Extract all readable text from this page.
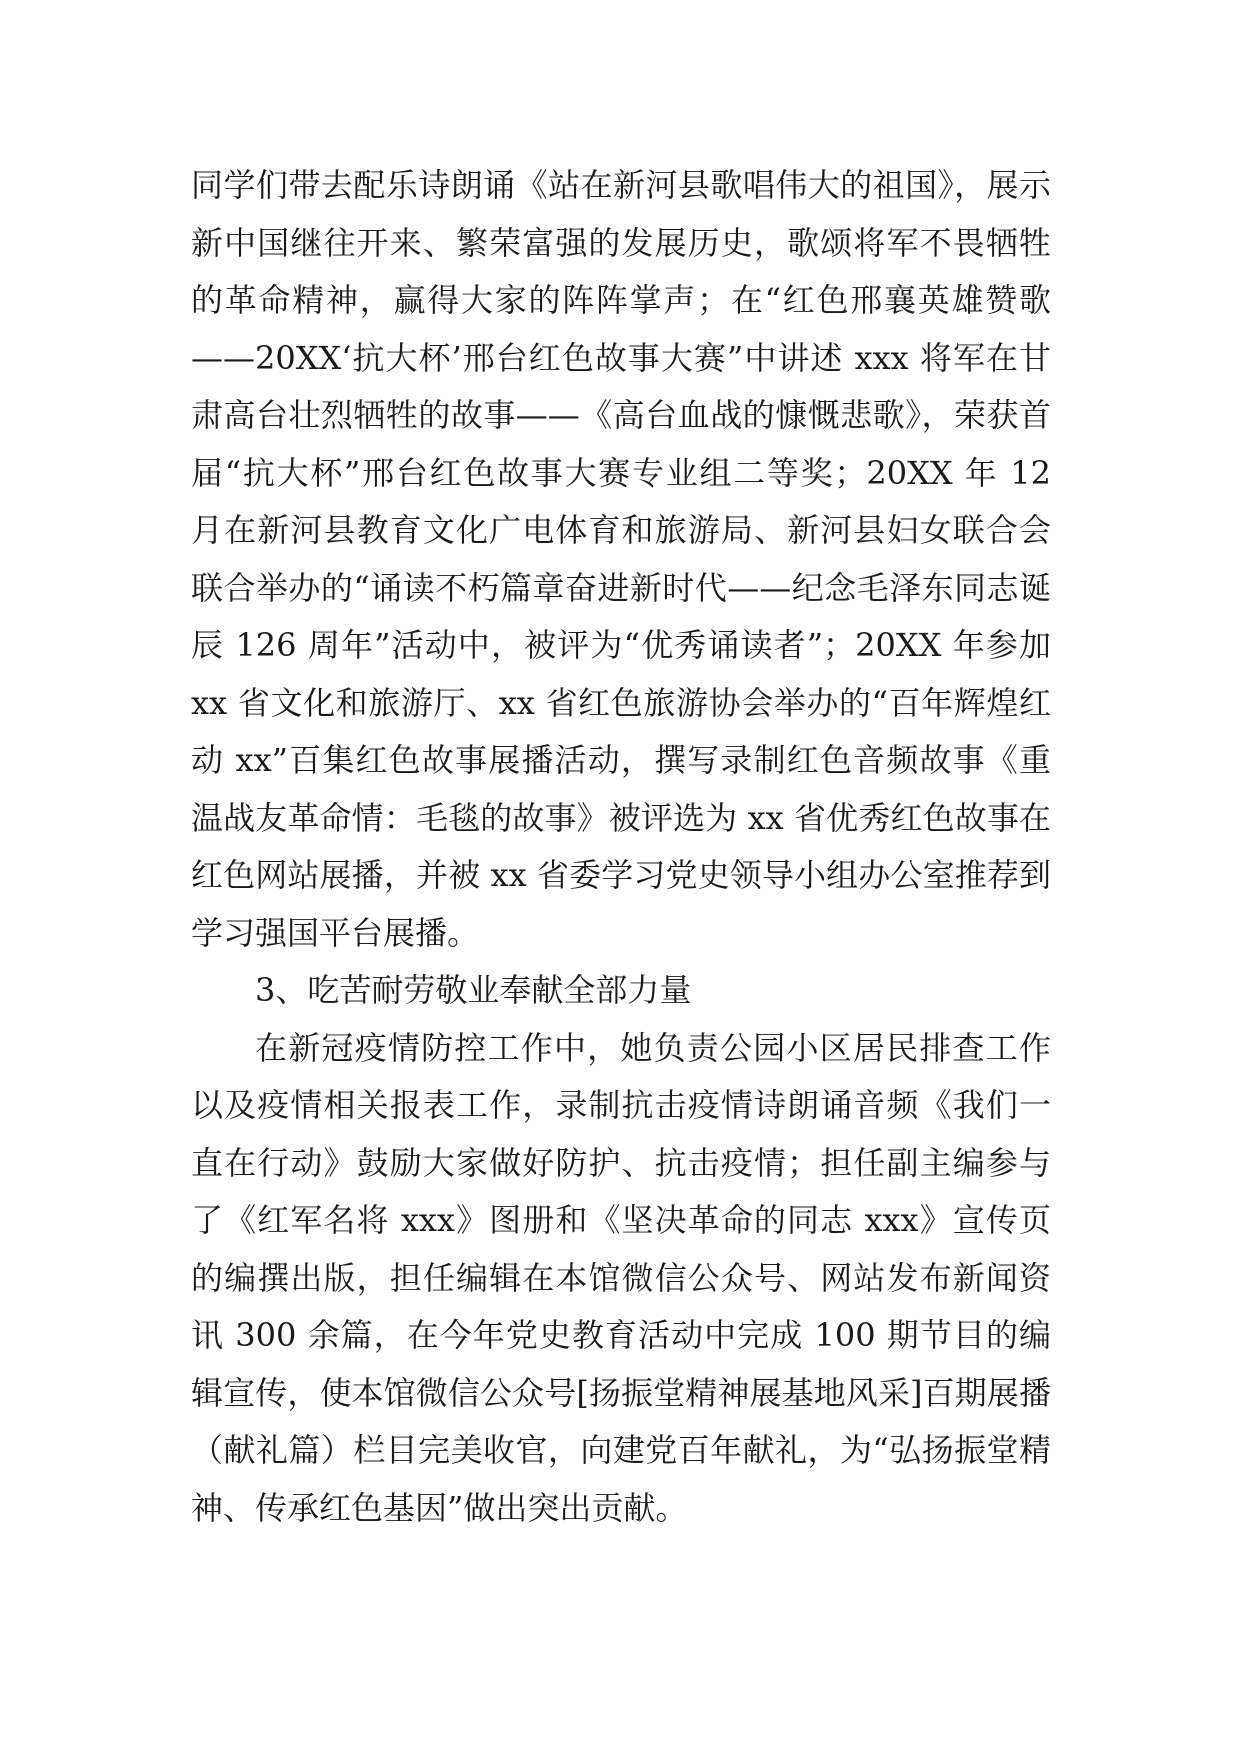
同学们带去配乐诗朗诵《站在新河县歌唱伟大的祖国》，展示新中国继往开来、繁荣富强的发展历史，歌颂将军不畏牺牲的革命精神，赢得大家的阵阵掌声；在“红色邢襄英雄赞歌——20XX‘抗大杯’邢台红色故事大赛”中讲述 xxx 将军在甘肃高台壮烈牺牲的故事——《高台血战的慷慨悲歌》，荣获首届“抗大杯”邢台红色故事大赛专业组二等奖；20XX 年 12 月在新河县教育文化广电体育和旅游局、新河县妇女联合会联合举办的“诵读不朽篇章奋进新时代——纪念毛泽东同志诞辰 126 周年”活动中，被评为“优秀诵读者”；20XX 年参加 xx 省文化和旅游厅、xx 省红色旅游协会举办的“百年辉煌红动 xx”百集红色故事展播活动，撰写录制红色音频故事《重温战友革命情：毛毯的故事》被评选为 xx 省优秀红色故事在红色网站展播，并被 xx 省委学习党史领导小组办公室推荐到学习强国平台展播。

3、吃苦耐劳敬业奉献全部力量

在新冠疫情防控工作中，她负责公园小区居民排查工作以及疫情相关报表工作，录制抗击疫情诗朗诵音频《我们一直在行动》鼓励大家做好防护、抗击疫情；担任副主编参与了《红军名将 xxx》图册和《坚决革命的同志 xxx》宣传页的编撰出版，担任编辑在本馆微信公众号、网站发布新闻资讯 300 余篇，在今年党史教育活动中完成 100 期节目的编辑宣传，使本馆微信公众号[扬振堂精神展基地风采]百期展播（献礼篇）栏目完美收官，向建党百年献礼，为“弘扬振堂精神、传承红色基因”做出突出贡献。
